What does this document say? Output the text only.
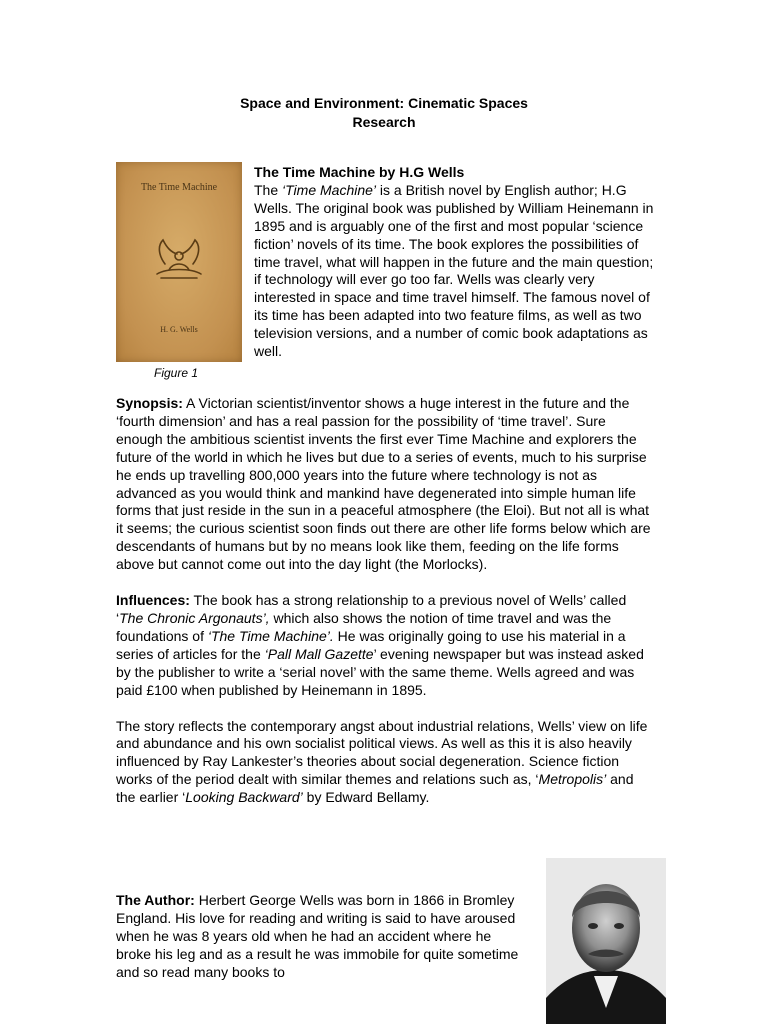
Space and Environment: Cinematic Spaces
Research
The Time Machine
H. G. Wells
Figure 1
The Time Machine by H.G Wells

The ‘Time Machine’ is a British novel by English author; H.G Wells. The original book was published by William Heinemann in 1895 and is arguably one of the first and most popular ‘science fiction’ novels of its time. The book explores the possibilities of time travel, what will happen in the future and the main question; if technology will ever go too far. Wells was clearly very interested in space and time travel himself. The famous novel of its time has been adapted into two feature films, as well as two television versions, and a number of comic book adaptations as well.

Synopsis: A Victorian scientist/inventor shows a huge interest in the future and the ‘fourth dimension’ and has a real passion for the possibility of ‘time travel’. Sure enough the ambitious scientist invents the first ever Time Machine and explorers the future of the world in which he lives but due to a series of events, much to his surprise he ends up travelling 800,000 years into the future where technology is not as advanced as you would think and mankind have degenerated into simple human life forms that just reside in the sun in a peaceful atmosphere (the Eloi). But not all is what it seems; the curious scientist soon finds out there are other life forms below which are descendants of humans but by no means look like them, feeding on the life forms above but cannot come out into the day light (the Morlocks).

Influences: The book has a strong relationship to a previous novel of Wells’ called ‘The Chronic Argonauts’, which also shows the notion of time travel and was the foundations of ‘The Time Machine’. He was originally going to use his material in a series of articles for the ‘Pall Mall Gazette’ evening newspaper but was instead asked by the publisher to write a ‘serial novel’ with the same theme. Wells agreed and was paid £100 when published by Heinemann in 1895.

The story reflects the contemporary angst about industrial relations, Wells’ view on life and abundance and his own socialist political views. As well as this it is also heavily influenced by Ray Lankester’s theories about social degeneration. Science fiction works of the period dealt with similar themes and relations such as, ‘Metropolis’ and the earlier ‘Looking Backward’ by Edward Bellamy.

The Author: Herbert George Wells was born in 1866 in Bromley England. His love for reading and writing is said to have aroused when he was 8 years old when he had an accident where he broke his leg and as a result he was immobile for quite sometime and so read many books to
